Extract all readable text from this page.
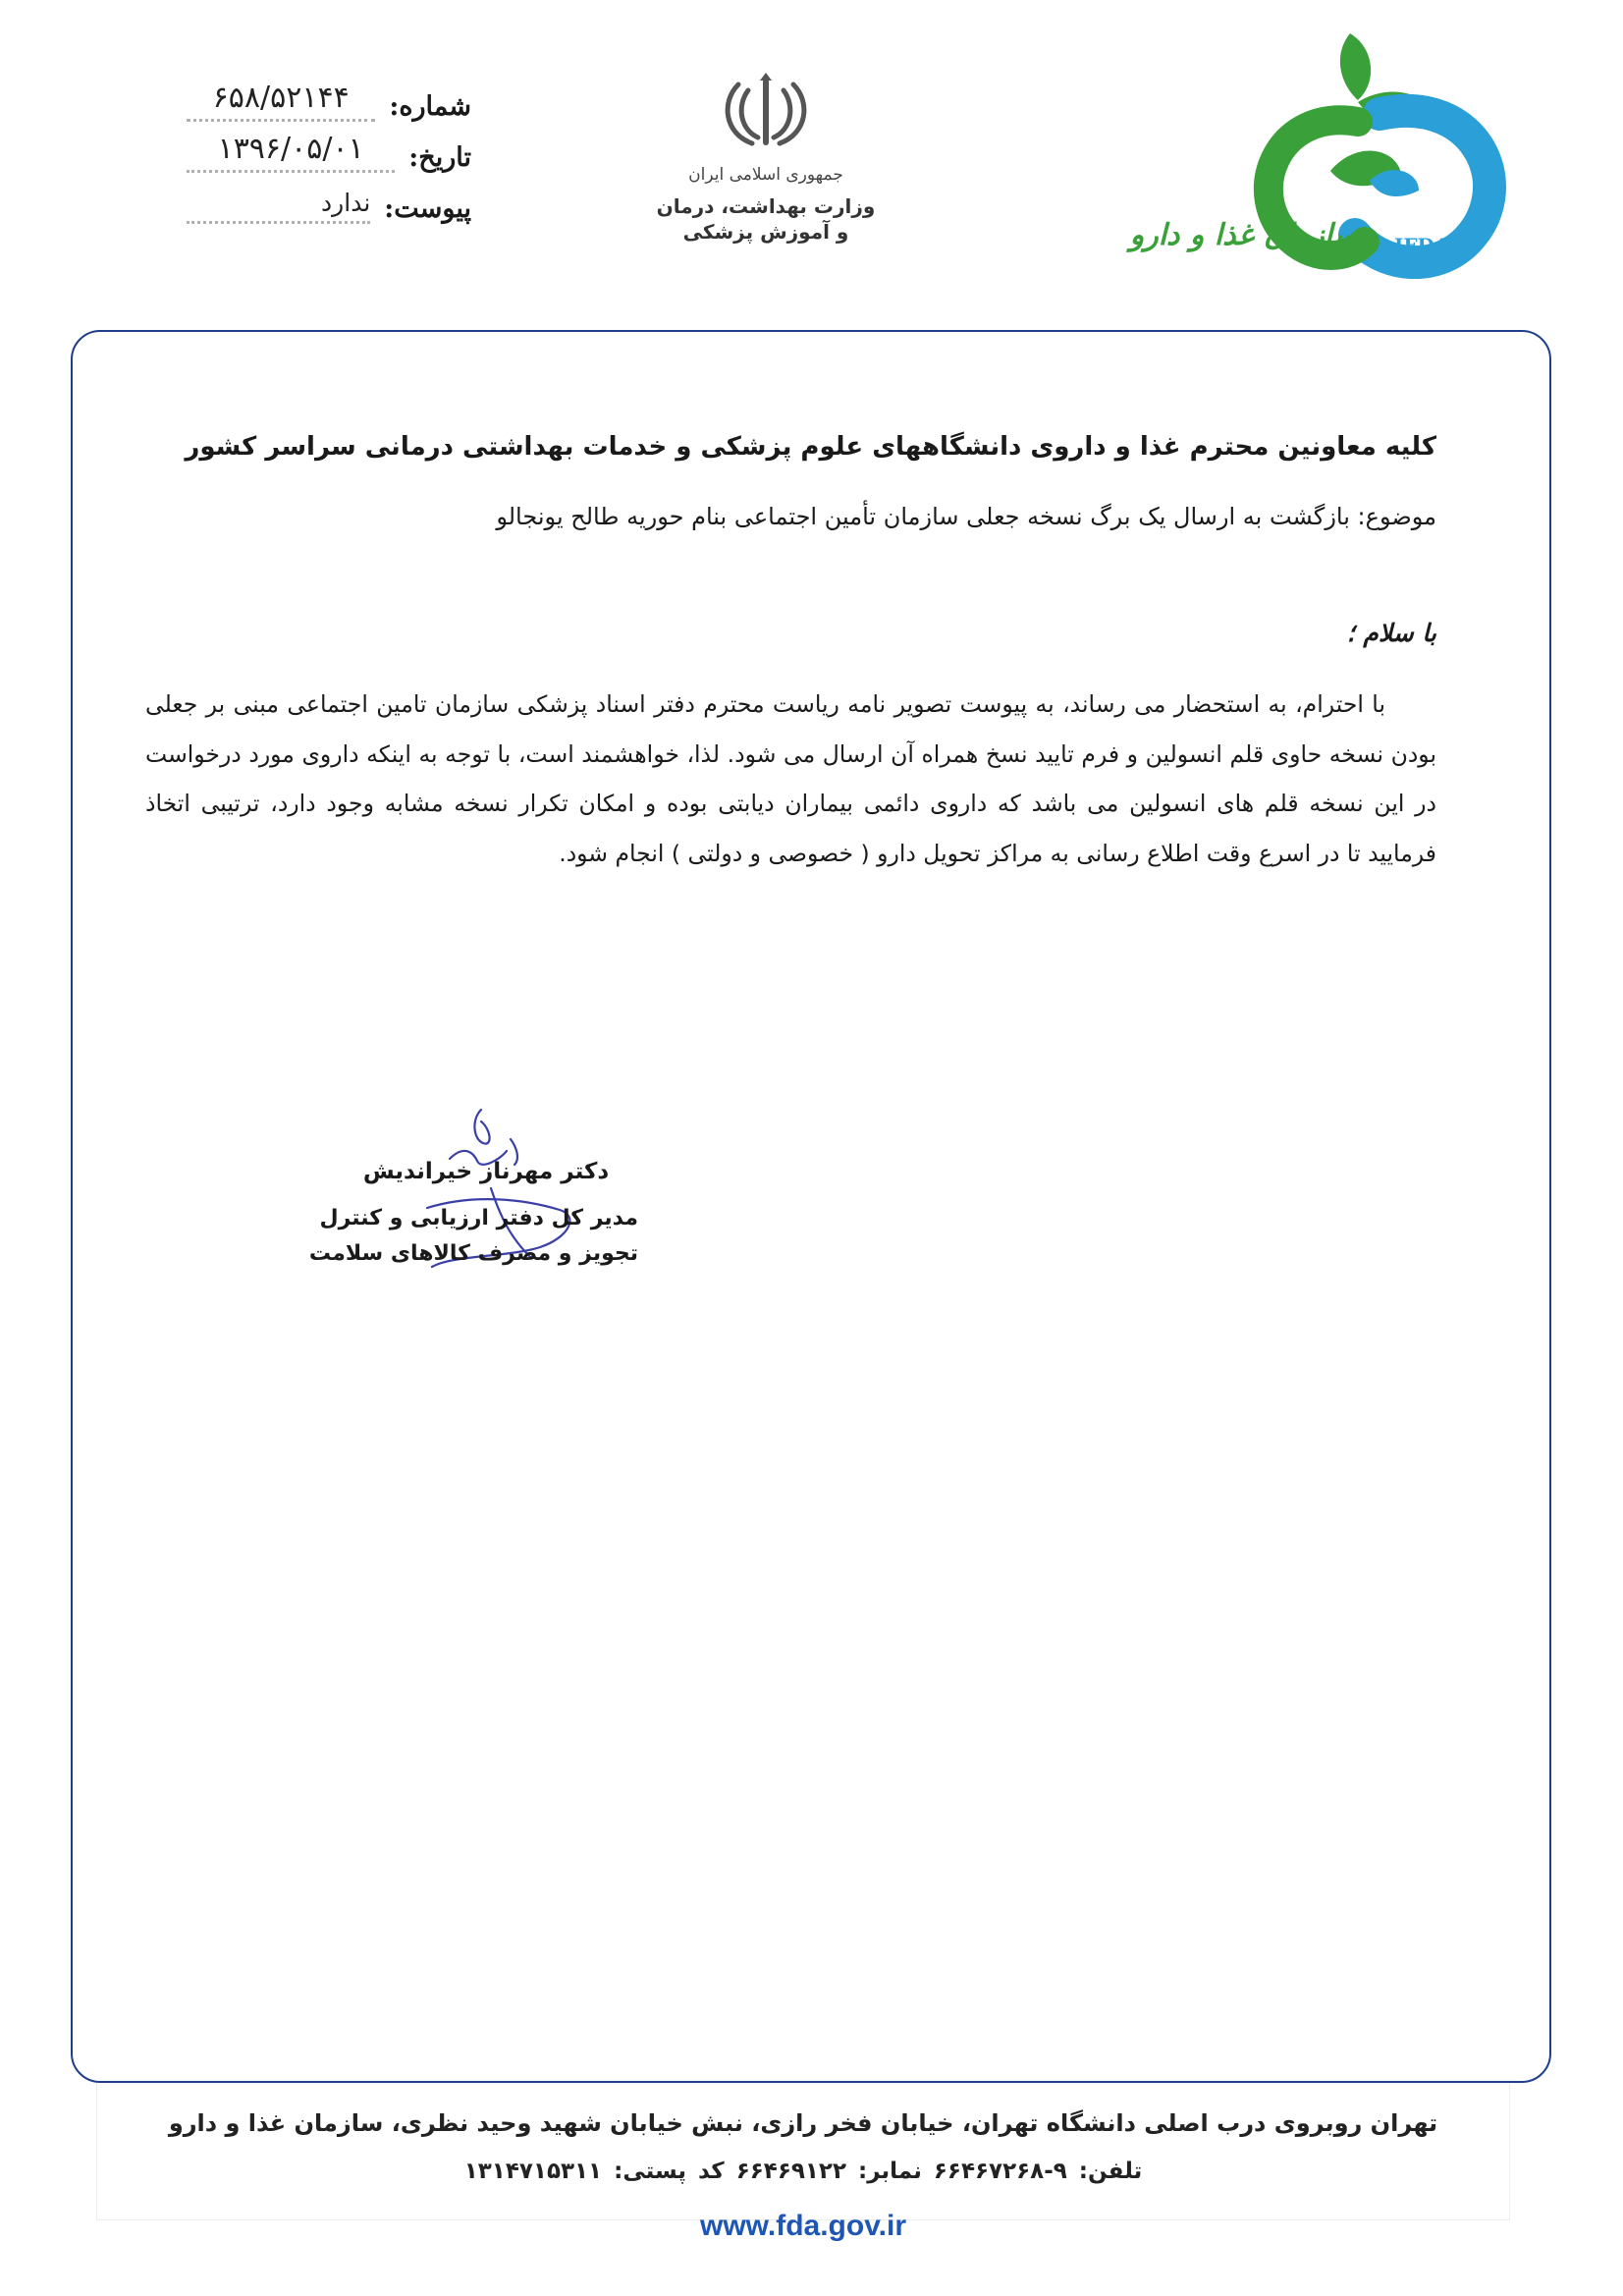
شماره:
۶۵۸/۵۲۱۴۴
تاریخ:
۱۳۹۶/۰۵/۰۱
پیوست:
ندارد
جمهوری اسلامی ایران
وزارت بهداشت، درمان
و آموزش پزشکی	سازمان غذا و دارو IFDA
کلیه معاونین محترم غذا و داروی دانشگاههای علوم پزشکی و خدمات بهداشتی درمانی سراسر کشور
موضوع: بازگشت به ارسال یک برگ نسخه جعلی سازمان تأمین اجتماعی بنام حوریه طالح یونجالو
با سلام ؛
با احترام، به استحضار می رساند، به پیوست تصویر نامه ریاست محترم دفتر اسناد پزشکی سازمان تامین اجتماعی مبنی بر جعلی بودن نسخه حاوی قلم انسولین و فرم تایید نسخ همراه آن ارسال می شود. لذا، خواهشمند است، با توجه به اینکه داروی مورد درخواست در این نسخه قلم های انسولین می باشد که داروی دائمی بیماران دیابتی بوده و امکان تکرار نسخه مشابه وجود دارد، ترتیبی اتخاذ فرمایید تا در اسرع وقت اطلاع رسانی به مراکز تحویل دارو ( خصوصی و دولتی ) انجام شود.
دکتر مهرناز خیراندیش
مدیر کل دفتر ارزیابی و کنترل
تجویز و مصرف کالاهای سلامت
تهران روبروی درب اصلی دانشگاه تهران، خیابان فخر رازی، نبش خیابان شهید وحید نظری، سازمان غذا و دارو
تلفن: ۹-۶۶۴۶۷۲۶۸ نمابر: ۶۶۴۶۹۱۲۲ کد پستی: ۱۳۱۴۷۱۵۳۱۱
www.fda.gov.ir
